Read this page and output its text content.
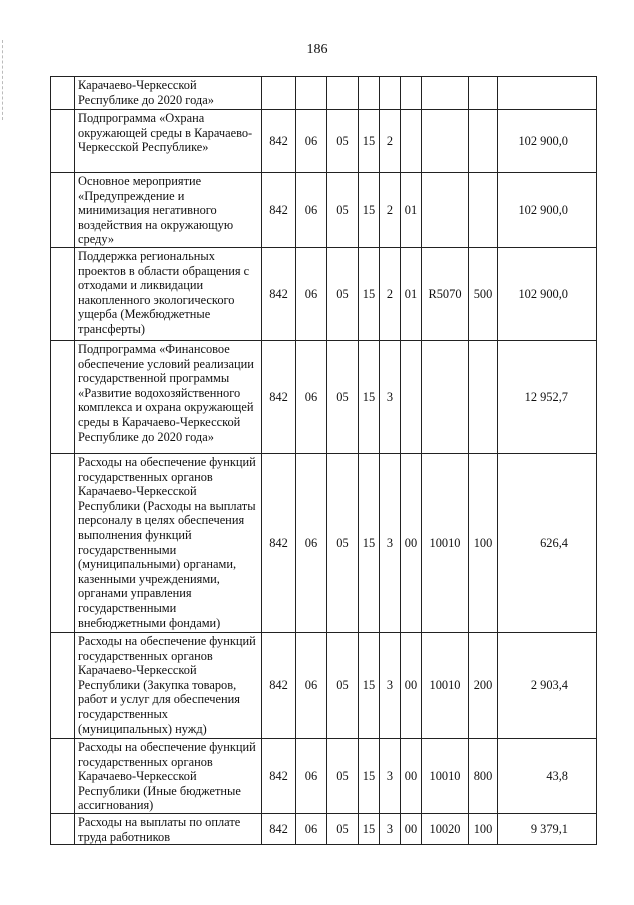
186
	Карачаево-Черкесской Республике до 2020 года»									
	Подпрограмма «Охрана окружающей среды в Карачаево-Черкесской Республике»	842	06	05	15	2				102 900,0
	Основное мероприятие «Предупреждение и минимизация негативного воздействия на окружающую среду»	842	06	05	15	2	01			102 900,0
	Поддержка региональных проектов в области обращения с отходами и ликвидации накопленного экологического ущерба (Межбюджетные трансферты)	842	06	05	15	2	01	R5070	500	102 900,0
	Подпрограмма «Финансовое обеспечение условий реализации государственной программы «Развитие водохозяйственного комплекса и охрана окружающей среды в Карачаево-Черкесской Республике до 2020 года»	842	06	05	15	3				12 952,7
	Расходы на обеспечение функций государственных органов Карачаево-Черкесской Республики (Расходы на выплаты персоналу в целях обеспечения выполнения функций государственными (муниципальными) органами, казенными учреждениями, органами управления государственными внебюджетными фондами)	842	06	05	15	3	00	10010	100	626,4
	Расходы на обеспечение функций государственных органов Карачаево-Черкесской Республики (Закупка товаров, работ и услуг для обеспечения государственных (муниципальных) нужд)	842	06	05	15	3	00	10010	200	2 903,4
	Расходы на обеспечение функций государственных органов Карачаево-Черкесской Республики (Иные бюджетные ассигнования)	842	06	05	15	3	00	10010	800	43,8
	Расходы на выплаты по оплате труда работников	842	06	05	15	3	00	10020	100	9 379,1
